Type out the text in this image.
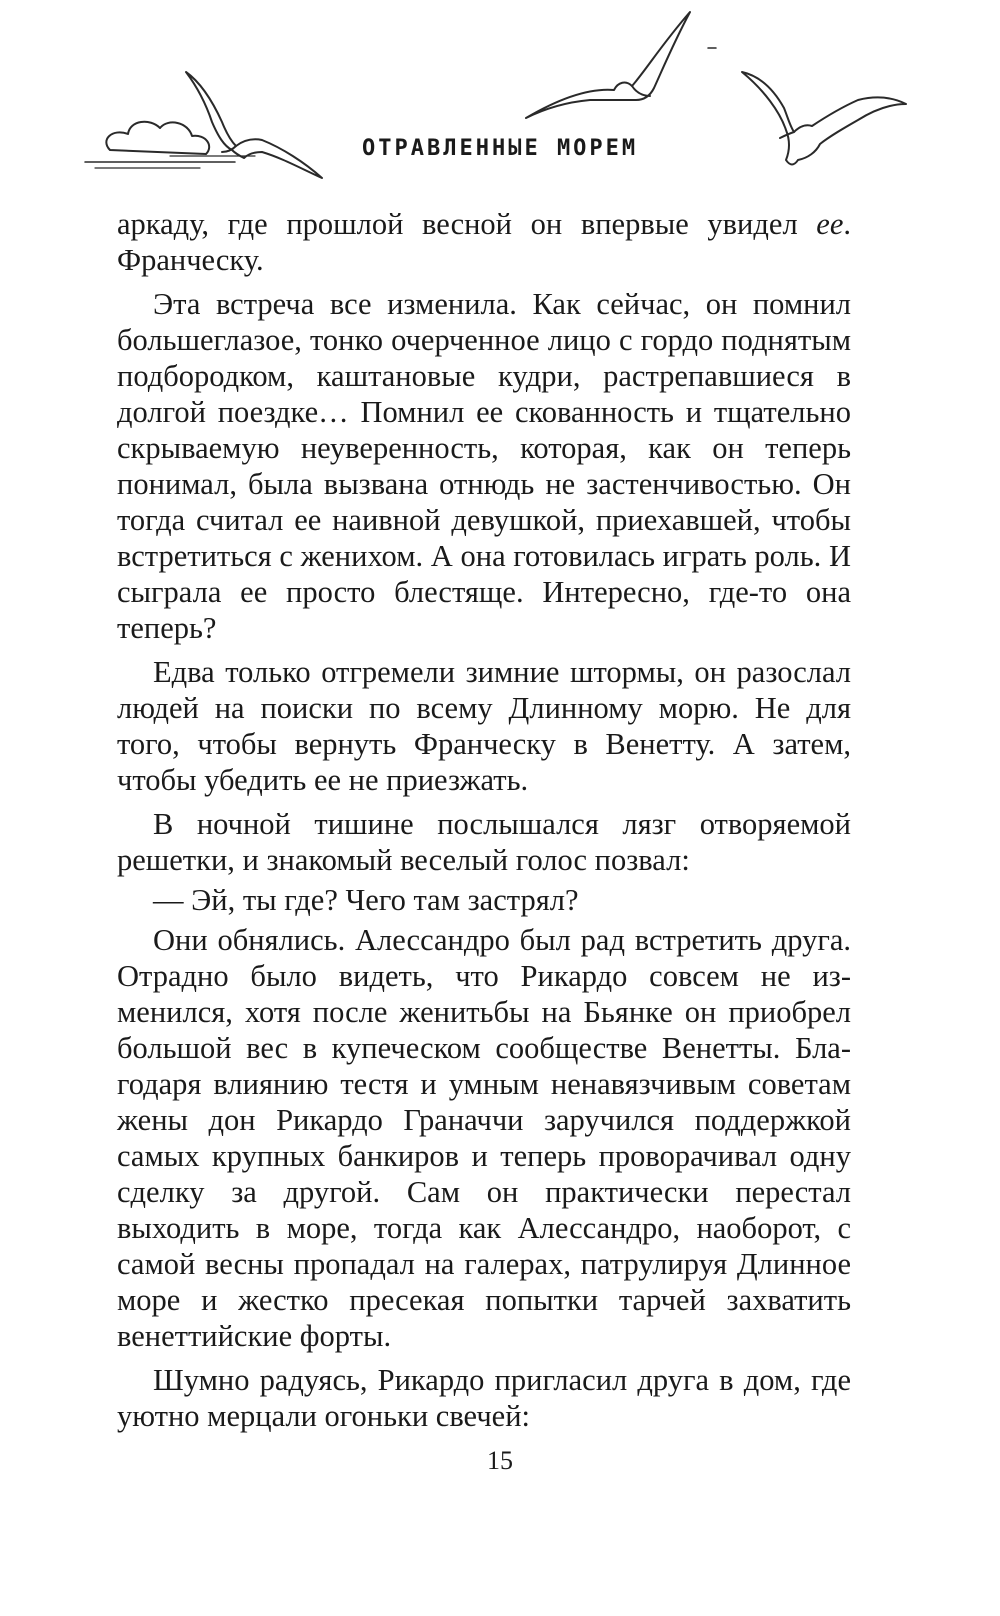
ОТРАВЛЕННЫЕ МОРЕМ

аркаду, где прошлой весной он впервые увидел ее. Франческу.

Эта встреча все изменила. Как сейчас, он помнил большеглазое, тонко очерченное лицо с гордо поднятым подбородком, каштановые кудри, растрепавшиеся в долгой поездке… Помнил ее скованность и тщательно скрываемую неуверенность, которая, как он теперь понимал, была вызвана отнюдь не застенчивостью. Он тогда считал ее наивной девушкой, приехавшей, чтобы встретиться с женихом. А она готовилась играть роль. И сыграла ее просто блестяще. Интересно, где-то она теперь?

Едва только отгремели зимние штормы, он разослал людей на поиски по всему Длинному морю. Не для того, чтобы вернуть Франческу в Венетту. А затем, чтобы убедить ее не приезжать.

В ночной тишине послышался лязг отворяемой решетки, и знакомый веселый голос позвал:

— Эй, ты где? Чего там застрял?

Они обнялись. Алессандро был рад встретить друга. Отрадно было видеть, что Рикардо совсем не изменился, хотя после женитьбы на Бьянке он приобрел большой вес в купеческом сообществе Венетты. Благодаря влиянию тестя и умным ненавязчивым советам жены дон Рикардо Граначчи заручился поддержкой самых крупных банкиров и теперь проворачивал одну сделку за другой. Сам он практически перестал выходить в море, тогда как Алессандро, наоборот, с самой весны пропадал на галерах, патрулируя Длинное море и жестко пресекая попытки тарчей захватить венеттийские форты.

Шумно радуясь, Рикардо пригласил друга в дом, где уютно мерцали огоньки свечей:

15
